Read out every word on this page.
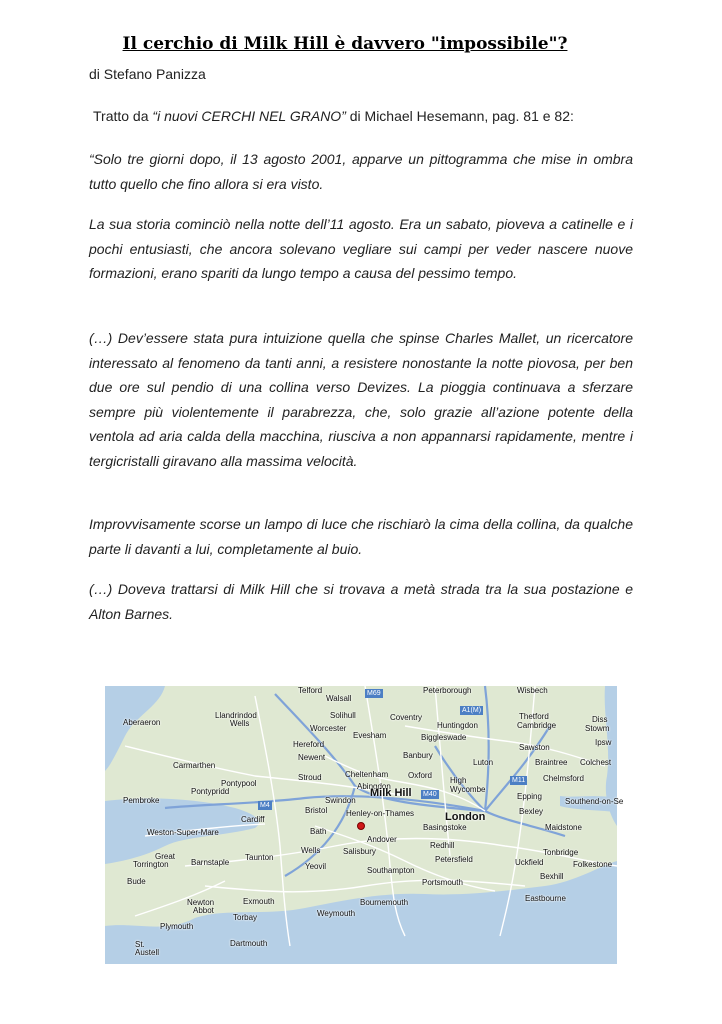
Il cerchio di Milk Hill è davvero "impossibile"?

di Stefano Panizza

Tratto da “i nuovi CERCHI NEL GRANO” di Michael Hesemann, pag. 81 e 82:

“Solo tre giorni dopo, il 13 agosto 2001, apparve un pittogramma che mise in ombra tutto quello che fino allora si era visto.

La sua storia cominciò nella notte dell’11 agosto. Era un sabato, pioveva a catinelle e i pochi entusiasti, che ancora solevano vegliare sui campi per veder nascere nuove formazioni, erano spariti da lungo tempo a causa del pessimo tempo.

(…) Dev’essere stata pura intuizione quella che spinse Charles Mallet, un ricercatore interessato al fenomeno da tanti anni, a resistere nonostante la notte piovosa, per ben due ore sul pendio di una collina verso Devizes. La pioggia continuava a sferzare sempre più violentemente il parabrezza, che, solo grazie all’azione potente della ventola ad aria calda della macchina, riusciva a non appannarsi rapidamente, mentre i tergicristalli giravano alla massima velocità.

Improvvisamente scorse un lampo di luce che rischiarò la cima della collina, da qualche parte li davanti a lui, completamente al buio.

(…) Doveva trattarsi di Milk Hill che si trovava a metà strada tra la sua postazione e Alton Barnes.

Telford
Walsall
M69	Peterborough	Wisbech
Aberaeron
Llandrindod
Wells
Solihull	Coventry
A1(M)
Huntingdon
Thetford
Cambridge
Diss
Stowm
Worcester
Evesham	Biggleswade
Ipsw
Hereford	Sawston
Banbury
Newent
Carmarthen	Luton	Braintree Colchest
Pontypool
Stroud	Cheltenham Oxford
High	M11 Chelmsford
Abingdon	Wycombe
Pontypridd	M40
Pembroke	Swindon
Milk Hill	Epping
Southend-on-Se
M4
Bristol	Bexley
London
Henley-on-Thames
Cardiff
Basingstoke	Maidstone
Weston-Super-Mare	Bath
Andover
Redhill
Tonbridge
Great
Wells	Salisbury
Torrington	Barnstaple
Taunton	Petersfield	Uckfield	Folkestone
Yeovil	Southampton
Bexhill
Bude	Portsmouth
Newton	Exmouth	Bournemouth	Eastbourne
Abbot
Torbay	Weymouth
Plymouth
Dartmouth
St.
Austell
